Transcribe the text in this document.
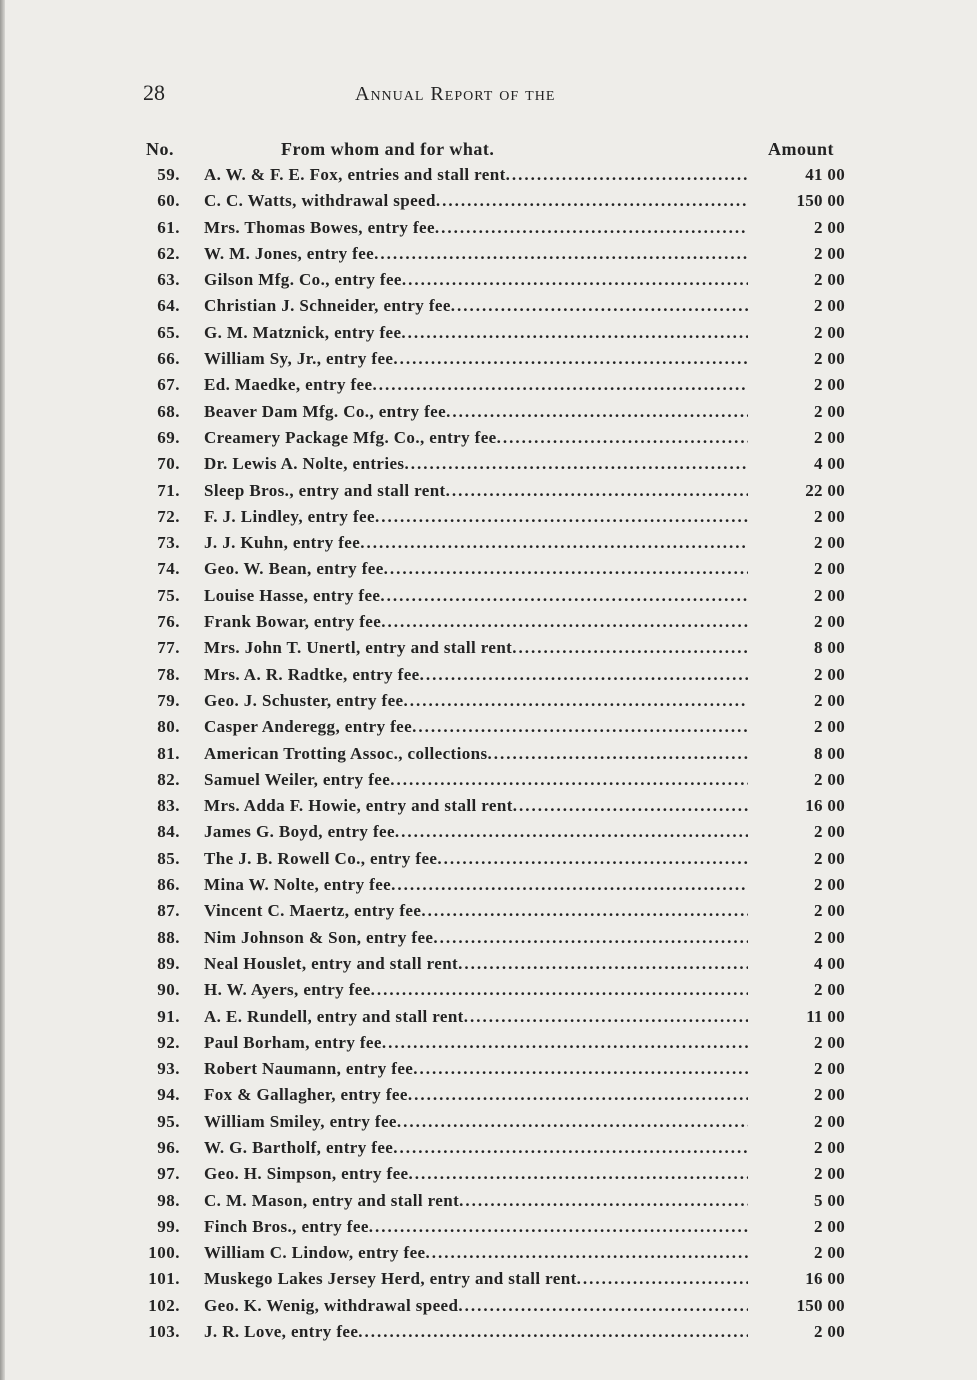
28	Annual Report of the
No.	From whom and for what.	Amount
59. A. W. & F. E. Fox, entries and stall rent .....	41 00
60. C. C. Watts, withdrawal speed .....	150 00
61. Mrs. Thomas Bowes, entry fee .....	2 00
62. W. M. Jones, entry fee .....	2 00
63. Gilson Mfg. Co., entry fee .....	2 00
64. Christian J. Schneider, entry fee .....	2 00
65. G. M. Matznick, entry fee .....	2 00
66. William Sy, Jr., entry fee .....	2 00
67. Ed. Maedke, entry fee .....	2 00
68. Beaver Dam Mfg. Co., entry fee .....	2 00
69. Creamery Package Mfg. Co., entry fee .....	2 00
70. Dr. Lewis A. Nolte, entries .....	4 00
71. Sleep Bros., entry and stall rent .....	22 00
72. F. J. Lindley, entry fee .....	2 00
73. J. J. Kuhn, entry fee .....	2 00
74. Geo. W. Bean, entry fee .....	2 00
75. Louise Hasse, entry fee .....	2 00
76. Frank Bowar, entry fee .....	2 00
77. Mrs. John T. Unertl, entry and stall rent .....	8 00
78. Mrs. A. R. Radtke, entry fee .....	2 00
79. Geo. J. Schuster, entry fee .....	2 00
80. Casper Anderegg, entry fee .....	2 00
81. American Trotting Assoc., collections .....	8 00
82. Samuel Weiler, entry fee .....	2 00
83. Mrs. Adda F. Howie, entry and stall rent .....	16 00
84. James G. Boyd, entry fee .....	2 00
85. The J. B. Rowell Co., entry fee .....	2 00
86. Mina W. Nolte, entry fee .....	2 00
87. Vincent C. Maertz, entry fee .....	2 00
88. Nim Johnson & Son, entry fee .....	2 00
89. Neal Houslet, entry and stall rent .....	4 00
90. H. W. Ayers, entry fee .....	2 00
91. A. E. Rundell, entry and stall rent .....	11 00
92. Paul Borham, entry fee .....	2 00
93. Robert Naumann, entry fee .....	2 00
94. Fox & Gallagher, entry fee .....	2 00
95. William Smiley, entry fee .....	2 00
96. W. G. Bartholf, entry fee .....	2 00
97. Geo. H. Simpson, entry fee .....	2 00
98. C. M. Mason, entry and stall rent .....	5 00
99. Finch Bros., entry fee .....	2 00
100. William C. Lindow, entry fee .....	2 00
101. Muskego Lakes Jersey Herd, entry and stall rent .....	16 00
102. Geo. K. Wenig, withdrawal speed .....	150 00
103. J. R. Love, entry fee .....	2 00
